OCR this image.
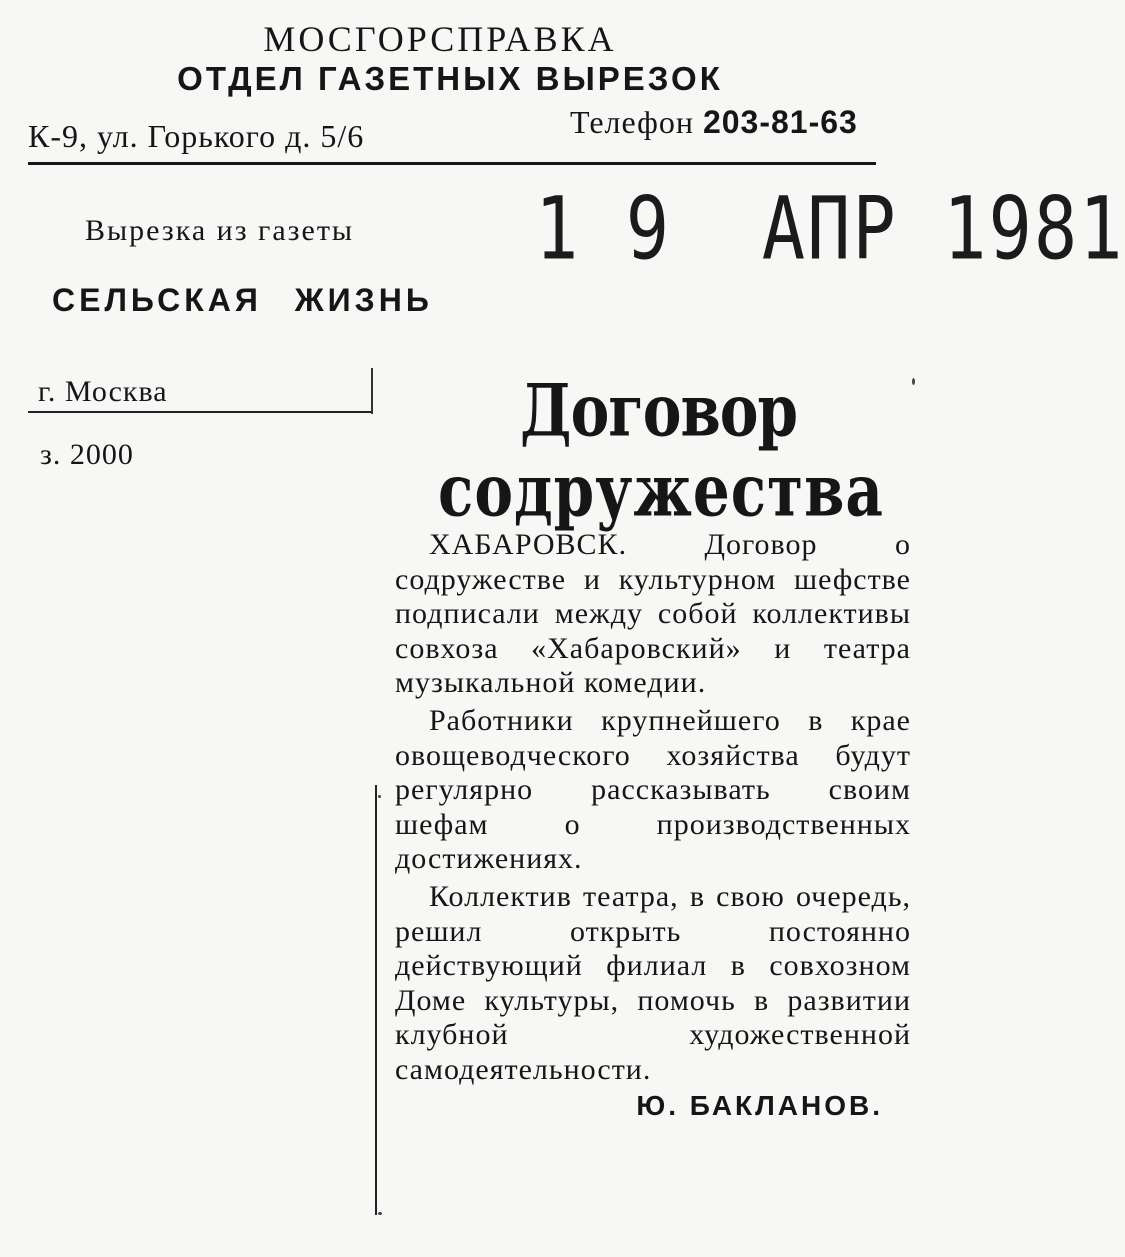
МОСГОРСПРАВКА
ОТДЕЛ ГАЗЕТНЫХ ВЫРЕЗОК
К-9, ул. Горького д. 5/6	Телефон 203-81-63
1 9  АПР 1981
Вырезка из газеты
СЕЛЬСКАЯ ЖИЗНЬ
г. Москва
з. 2000
Договор
содружества

ХАБАРОВСК. Договор о содружестве и культурном шефстве подписали между собой коллективы совхоза «Хабаровский» и театра музыкальной комедии.

Работники крупнейшего в крае овощеводческого хозяйства будут регулярно рассказывать своим шефам о производственных достижениях.

Коллектив театра, в свою очередь, решил открыть постоянно действующий филиал в совхозном Доме культуры, помочь в развитии клубной художественной самодеятельности.

Ю. БАКЛАНОВ.
